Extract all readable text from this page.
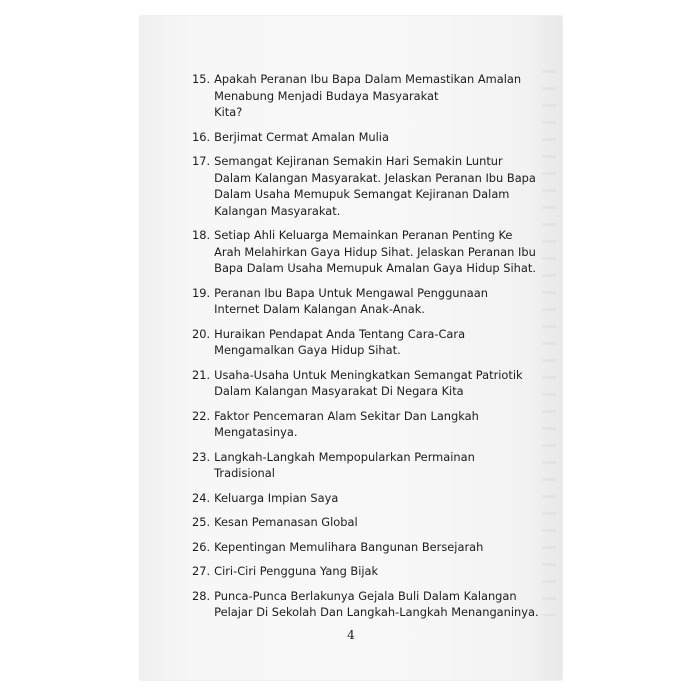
15. Apakah Peranan Ibu Bapa Dalam Memastikan Amalan
Menabung Menjadi Budaya Masyarakat
Kita?
16. Berjimat Cermat Amalan Mulia
17. Semangat Kejiranan Semakin Hari Semakin Luntur
Dalam Kalangan Masyarakat. Jelaskan Peranan Ibu Bapa
Dalam Usaha Memupuk Semangat Kejiranan Dalam
Kalangan Masyarakat.
18. Setiap Ahli Keluarga Memainkan Peranan Penting Ke
Arah Melahirkan Gaya Hidup Sihat. Jelaskan Peranan Ibu
Bapa Dalam Usaha Memupuk Amalan Gaya Hidup Sihat.
19. Peranan Ibu Bapa Untuk Mengawal Penggunaan
Internet Dalam Kalangan Anak-Anak.
20. Huraikan Pendapat Anda Tentang Cara-Cara
Mengamalkan Gaya Hidup Sihat.
21. Usaha-Usaha Untuk Meningkatkan Semangat Patriotik
Dalam Kalangan Masyarakat Di Negara Kita
22. Faktor Pencemaran Alam Sekitar Dan Langkah
Mengatasinya.
23. Langkah-Langkah Mempopularkan Permainan
Tradisional
24. Keluarga Impian Saya
25. Kesan Pemanasan Global
26. Kepentingan Memulihara Bangunan Bersejarah
27. Ciri-Ciri Pengguna Yang Bijak
28. Punca-Punca Berlakunya Gejala Buli Dalam Kalangan
Pelajar Di Sekolah Dan Langkah-Langkah Menanganinya.
4
